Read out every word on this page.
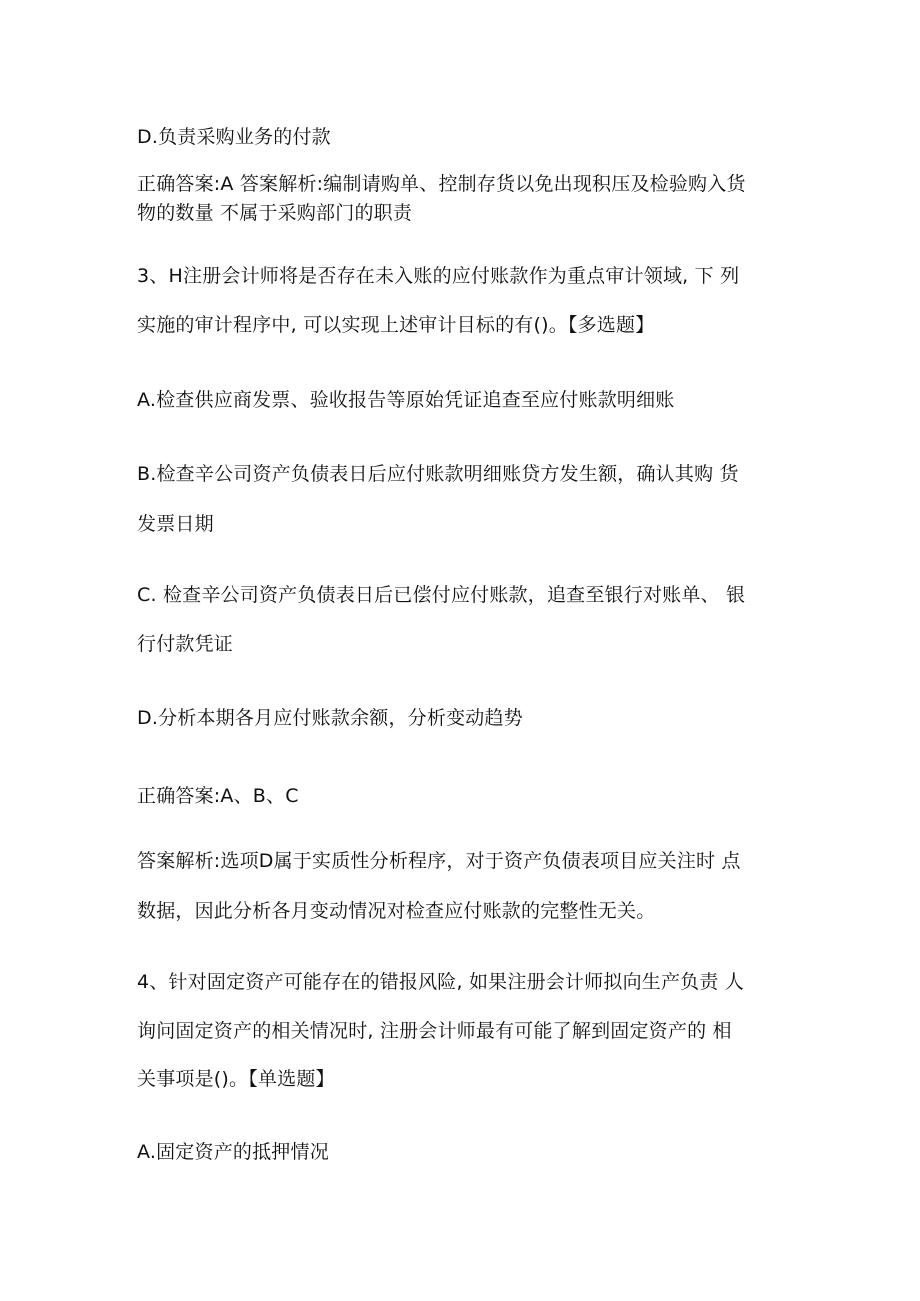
D.负责采购业务的付款
正确答案:A 答案解析:编制请购单、控制存货以免出现积压及检验购入货
物的数量 不属于采购部门的职责
3、H注册会计师将是否存在未入账的应付账款作为重点审计领域, 下 列
实施的审计程序中, 可以实现上述审计目标的有()。【多选题】
A.检查供应商发票、验收报告等原始凭证追查至应付账款明细账
B.检查辛公司资产负债表日后应付账款明细账贷方发生额，确认其购 货
发票日期
C. 检查辛公司资产负债表日后已偿付应付账款，追查至银行对账单、 银
行付款凭证
D.分析本期各月应付账款余额，分析变动趋势
正确答案:A、B、C
答案解析:选项D属于实质性分析程序，对于资产负债表项目应关注时 点
数据，因此分析各月变动情况对检查应付账款的完整性无关。
4、针对固定资产可能存在的错报风险, 如果注册会计师拟向生产负责 人
询问固定资产的相关情况时, 注册会计师最有可能了解到固定资产的 相
关事项是()。【单选题】
A.固定资产的抵押情况
